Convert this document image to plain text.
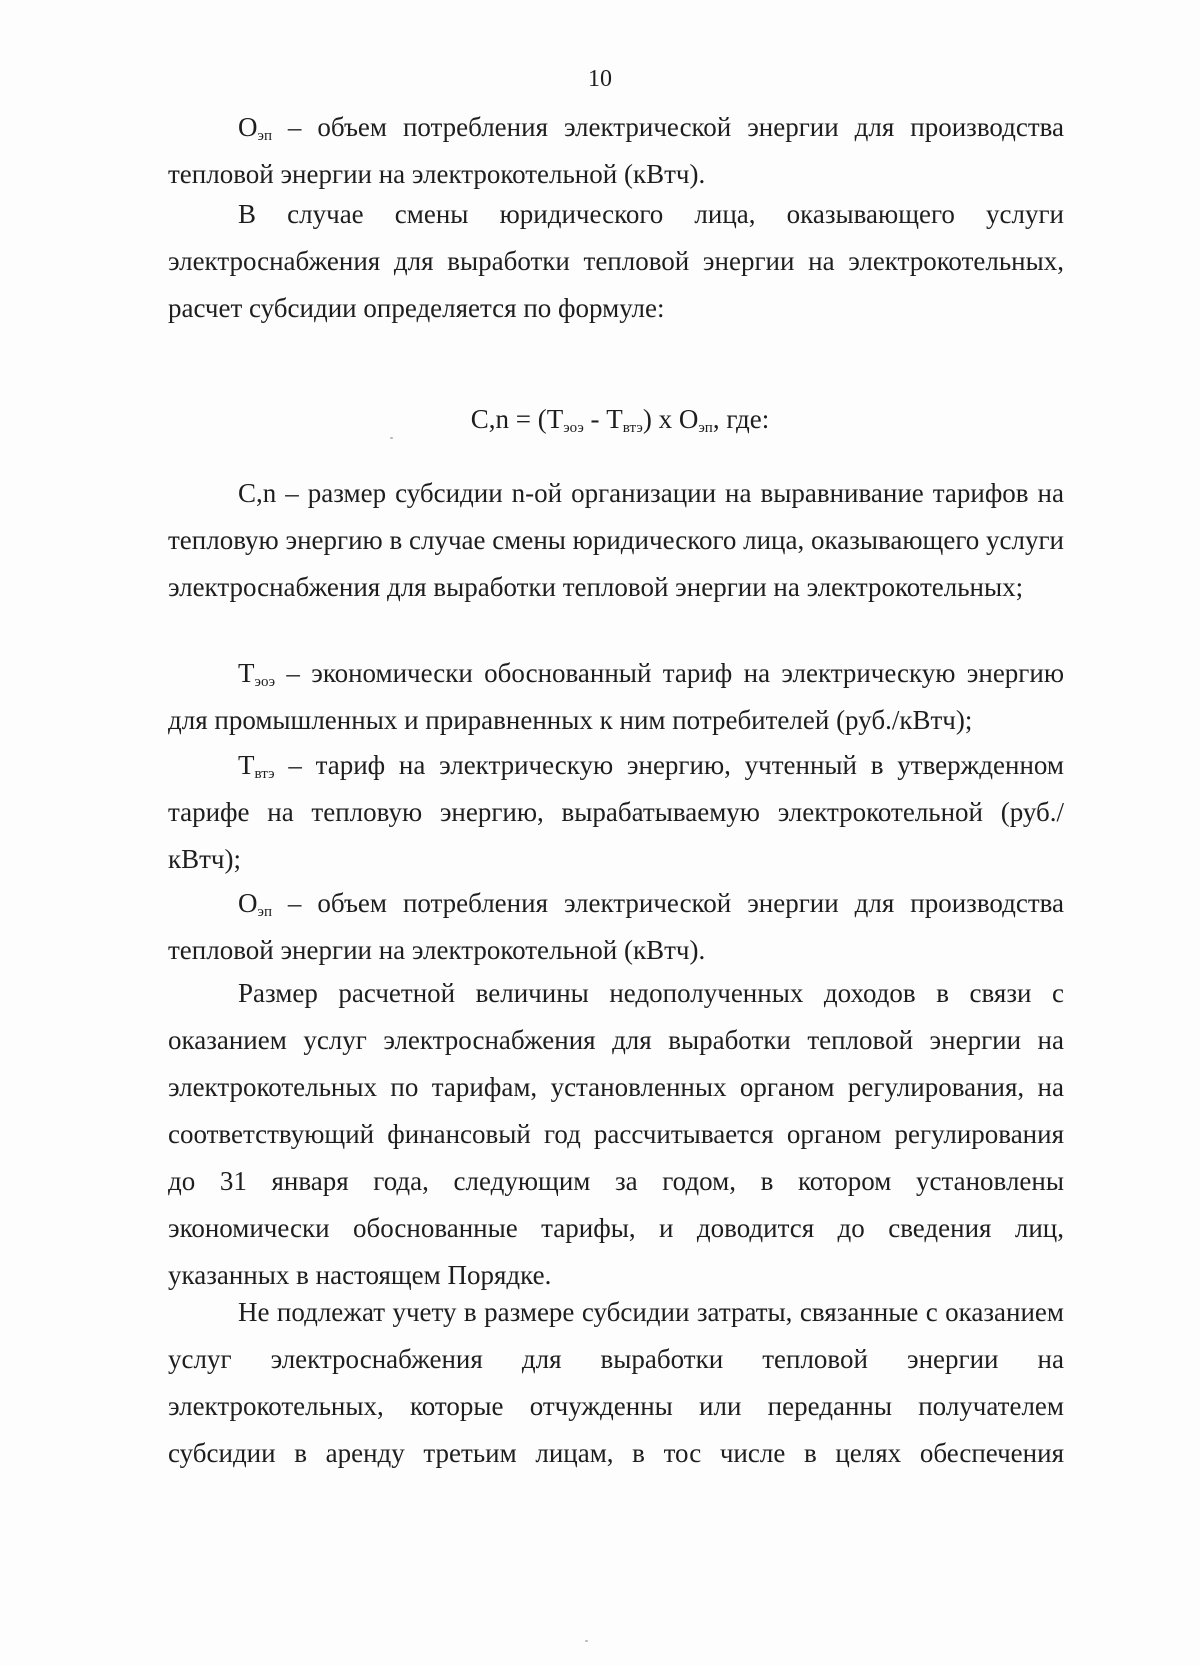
10

$О_{эп}$ – объем потребления электрической энергии для производства тепловой энергии на электрокотельной (кВтч).

В случае смены юридического лица, оказывающего услуги электроснабжения для выработки тепловой энергии на электрокотельных, расчет субсидии определяется по формуле:

$C,n = (Т_{эоэ} - Т_{втэ})$ х $О_{эп}$, где:

C,n – размер субсидии n-ой организации на выравнивание тарифов на тепловую энергию в случае смены юридического лица, оказывающего услуги электроснабжения для выработки тепловой энергии на электрокотельных;

$Т_{эоэ}$ – экономически обоснованный тариф на электрическую энергию для промышленных и приравненных к ним потребителей (руб./кВтч);

$Т_{втэ}$ – тариф на электрическую энергию, учтенный в утвержденном тарифе на тепловую энергию, вырабатываемую электрокотельной (руб./кВтч);

$О_{эп}$ – объем потребления электрической энергии для производства тепловой энергии на электрокотельной (кВтч).

Размер расчетной величины недополученных доходов в связи с оказанием услуг электроснабжения для выработки тепловой энергии на электрокотельных по тарифам, установленных органом регулирования, на соответствующий финансовый год рассчитывается органом регулирования до 31 января года, следующим за годом, в котором установлены экономически обоснованные тарифы, и доводится до сведения лиц, указанных в настоящем Порядке.

Не подлежат учету в размере субсидии затраты, связанные с оказанием услуг электроснабжения для выработки тепловой энергии на электрокотельных, которые отчужденны или переданны получателем субсидии в аренду третьим лицам, в тос числе в целях обеспечения
